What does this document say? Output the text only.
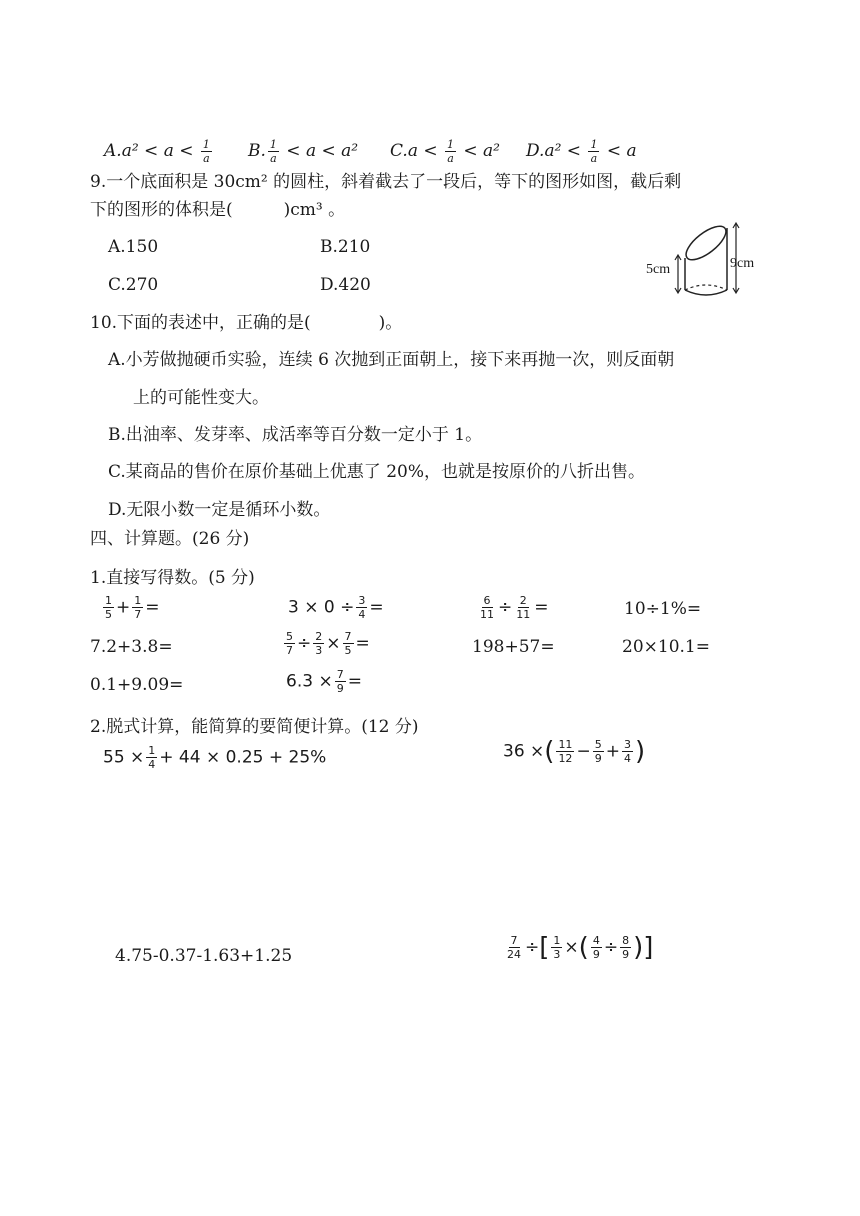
$A.a^2 < a < \frac{1}{a} B$. $\frac{1}{a} < a < a^2$ $C.a < \frac{1}{a} < a^2$ $D.a^2 < \frac{1}{a} < a$
9.一个底面积是 30cm² 的圆柱，斜着截去了一段后，等下的图形如图，截后剩
下的图形的体积是(　　　)cm³ 。
A.150	B.210
C.270	D.420
5cm	9cm
10.下面的表述中，正确的是(　　　　)。
A.小芳做抛硬币实验，连续 6 次抛到正面朝上，接下来再抛一次，则反面朝
上的可能性变大。
B.出油率、发芽率、成活率等百分数一定小于 1。
C.某商品的售价在原价基础上优惠了 20%，也就是按原价的八折出售。
D.无限小数一定是循环小数。
四、计算题。(26 分)
1.直接写得数。(5 分)
$\frac{1}{5} + \frac{1}{7}$ =	$3 \times 0 \div \frac{3}{4}$ =	$\frac{6}{11} \div \frac{2}{11}$ =	10÷1%=
7.2+3.8=	$\frac{5}{7} \div \frac{2}{3} \times \frac{7}{5}$ =	198+57=	20×10.1=
0.1+9.09=	$6.3 \times \frac{7}{9}$ =
2.脱式计算，能简算的要简便计算。(12 分)
$55 \times \frac{1}{4} + 44 \times 0.25 + 25\%$	36 ×( $\frac{11}{12} - \frac{5}{9} + \frac{3}{4}$ )
4.75-0.37-1.63+1.25	$\frac{7}{24}$ ÷[ $\frac{1}{3}$ ×( $\frac{4}{9} \div \frac{8}{9}$ )]
